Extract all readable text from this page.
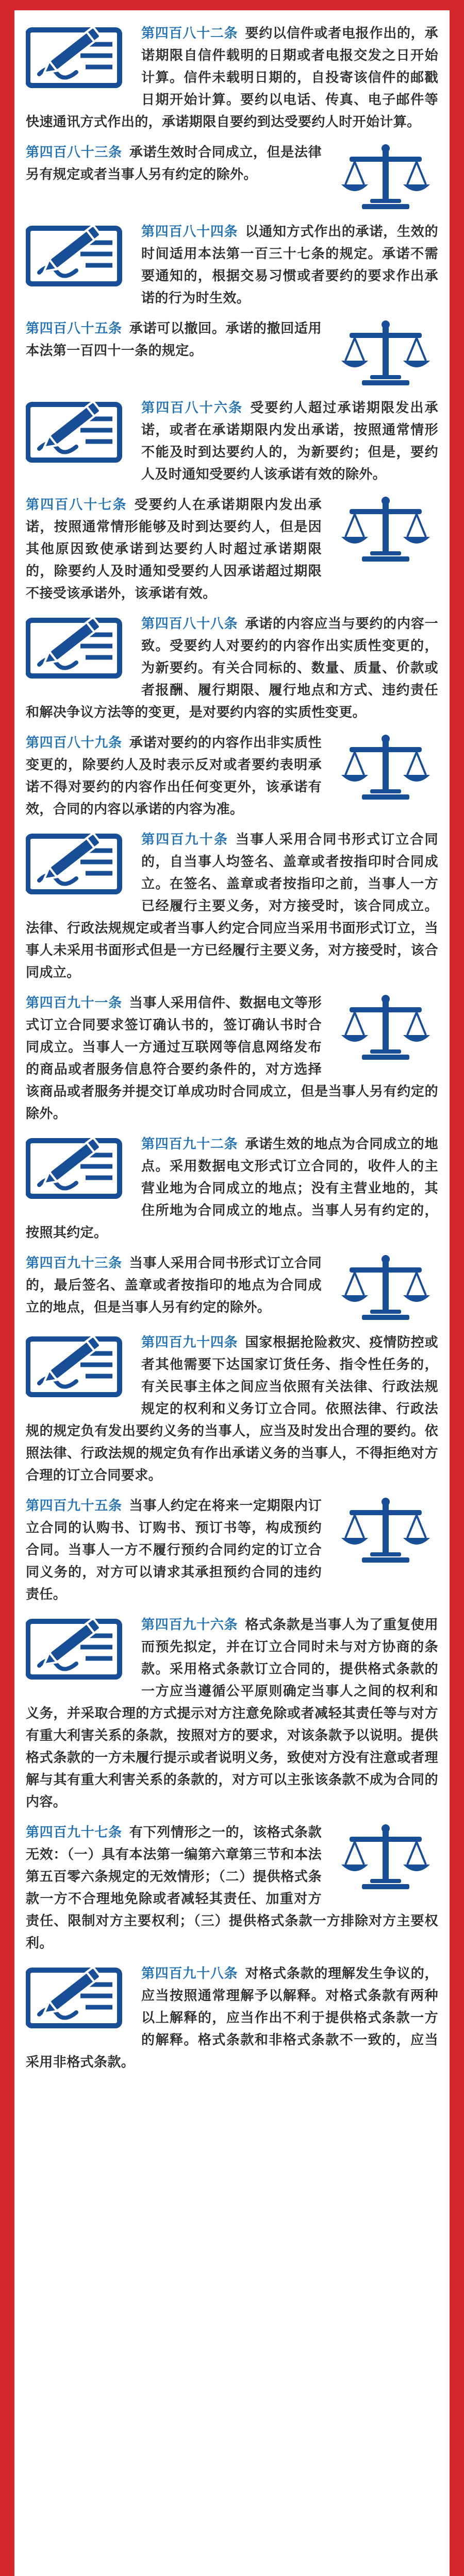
第四百八十二条 要约以信件或者电报作出的，承诺期限自信件载明的日期或者电报交发之日开始计算。信件未载明日期的，自投寄该信件的邮戳日期开始计算。要约以电话、传真、电子邮件等快速通讯方式作出的，承诺期限自要约到达受要约人时开始计算。

第四百八十三条 承诺生效时合同成立，但是法律另有规定或者当事人另有约定的除外。

第四百八十四条 以通知方式作出的承诺，生效的时间适用本法第一百三十七条的规定。承诺不需要通知的，根据交易习惯或者要约的要求作出承诺的行为时生效。

第四百八十五条 承诺可以撤回。承诺的撤回适用本法第一百四十一条的规定。

第四百八十六条 受要约人超过承诺期限发出承诺，或者在承诺期限内发出承诺，按照通常情形不能及时到达要约人的，为新要约；但是，要约人及时通知受要约人该承诺有效的除外。

第四百八十七条 受要约人在承诺期限内发出承诺，按照通常情形能够及时到达要约人，但是因其他原因致使承诺到达要约人时超过承诺期限的，除要约人及时通知受要约人因承诺超过期限不接受该承诺外，该承诺有效。

第四百八十八条 承诺的内容应当与要约的内容一致。受要约人对要约的内容作出实质性变更的，为新要约。有关合同标的、数量、质量、价款或者报酬、履行期限、履行地点和方式、违约责任和解决争议方法等的变更，是对要约内容的实质性变更。

第四百八十九条 承诺对要约的内容作出非实质性变更的，除要约人及时表示反对或者要约表明承诺不得对要约的内容作出任何变更外，该承诺有效，合同的内容以承诺的内容为准。

第四百九十条 当事人采用合同书形式订立合同的，自当事人均签名、盖章或者按指印时合同成立。在签名、盖章或者按指印之前，当事人一方已经履行主要义务，对方接受时，该合同成立。法律、行政法规规定或者当事人约定合同应当采用书面形式订立，当事人未采用书面形式但是一方已经履行主要义务，对方接受时，该合同成立。

第四百九十一条 当事人采用信件、数据电文等形式订立合同要求签订确认书的，签订确认书时合同成立。当事人一方通过互联网等信息网络发布的商品或者服务信息符合要约条件的，对方选择该商品或者服务并提交订单成功时合同成立，但是当事人另有约定的除外。

第四百九十二条 承诺生效的地点为合同成立的地点。采用数据电文形式订立合同的，收件人的主营业地为合同成立的地点；没有主营业地的，其住所地为合同成立的地点。当事人另有约定的，按照其约定。

第四百九十三条 当事人采用合同书形式订立合同的，最后签名、盖章或者按指印的地点为合同成立的地点，但是当事人另有约定的除外。

第四百九十四条 国家根据抢险救灾、疫情防控或者其他需要下达国家订货任务、指令性任务的，有关民事主体之间应当依照有关法律、行政法规规定的权利和义务订立合同。依照法律、行政法规的规定负有发出要约义务的当事人，应当及时发出合理的要约。依照法律、行政法规的规定负有作出承诺义务的当事人，不得拒绝对方合理的订立合同要求。

第四百九十五条 当事人约定在将来一定期限内订立合同的认购书、订购书、预订书等，构成预约合同。当事人一方不履行预约合同约定的订立合同义务的，对方可以请求其承担预约合同的违约责任。

第四百九十六条 格式条款是当事人为了重复使用而预先拟定，并在订立合同时未与对方协商的条款。采用格式条款订立合同的，提供格式条款的一方应当遵循公平原则确定当事人之间的权利和义务，并采取合理的方式提示对方注意免除或者减轻其责任等与对方有重大利害关系的条款，按照对方的要求，对该条款予以说明。提供格式条款的一方未履行提示或者说明义务，致使对方没有注意或者理解与其有重大利害关系的条款的，对方可以主张该条款不成为合同的内容。

第四百九十七条 有下列情形之一的，该格式条款无效：（一）具有本法第一编第六章第三节和本法第五百零六条规定的无效情形；（二）提供格式条款一方不合理地免除或者减轻其责任、加重对方责任、限制对方主要权利；（三）提供格式条款一方排除对方主要权利。

第四百九十八条 对格式条款的理解发生争议的，应当按照通常理解予以解释。对格式条款有两种以上解释的，应当作出不利于提供格式条款一方的解释。格式条款和非格式条款不一致的，应当采用非格式条款。
